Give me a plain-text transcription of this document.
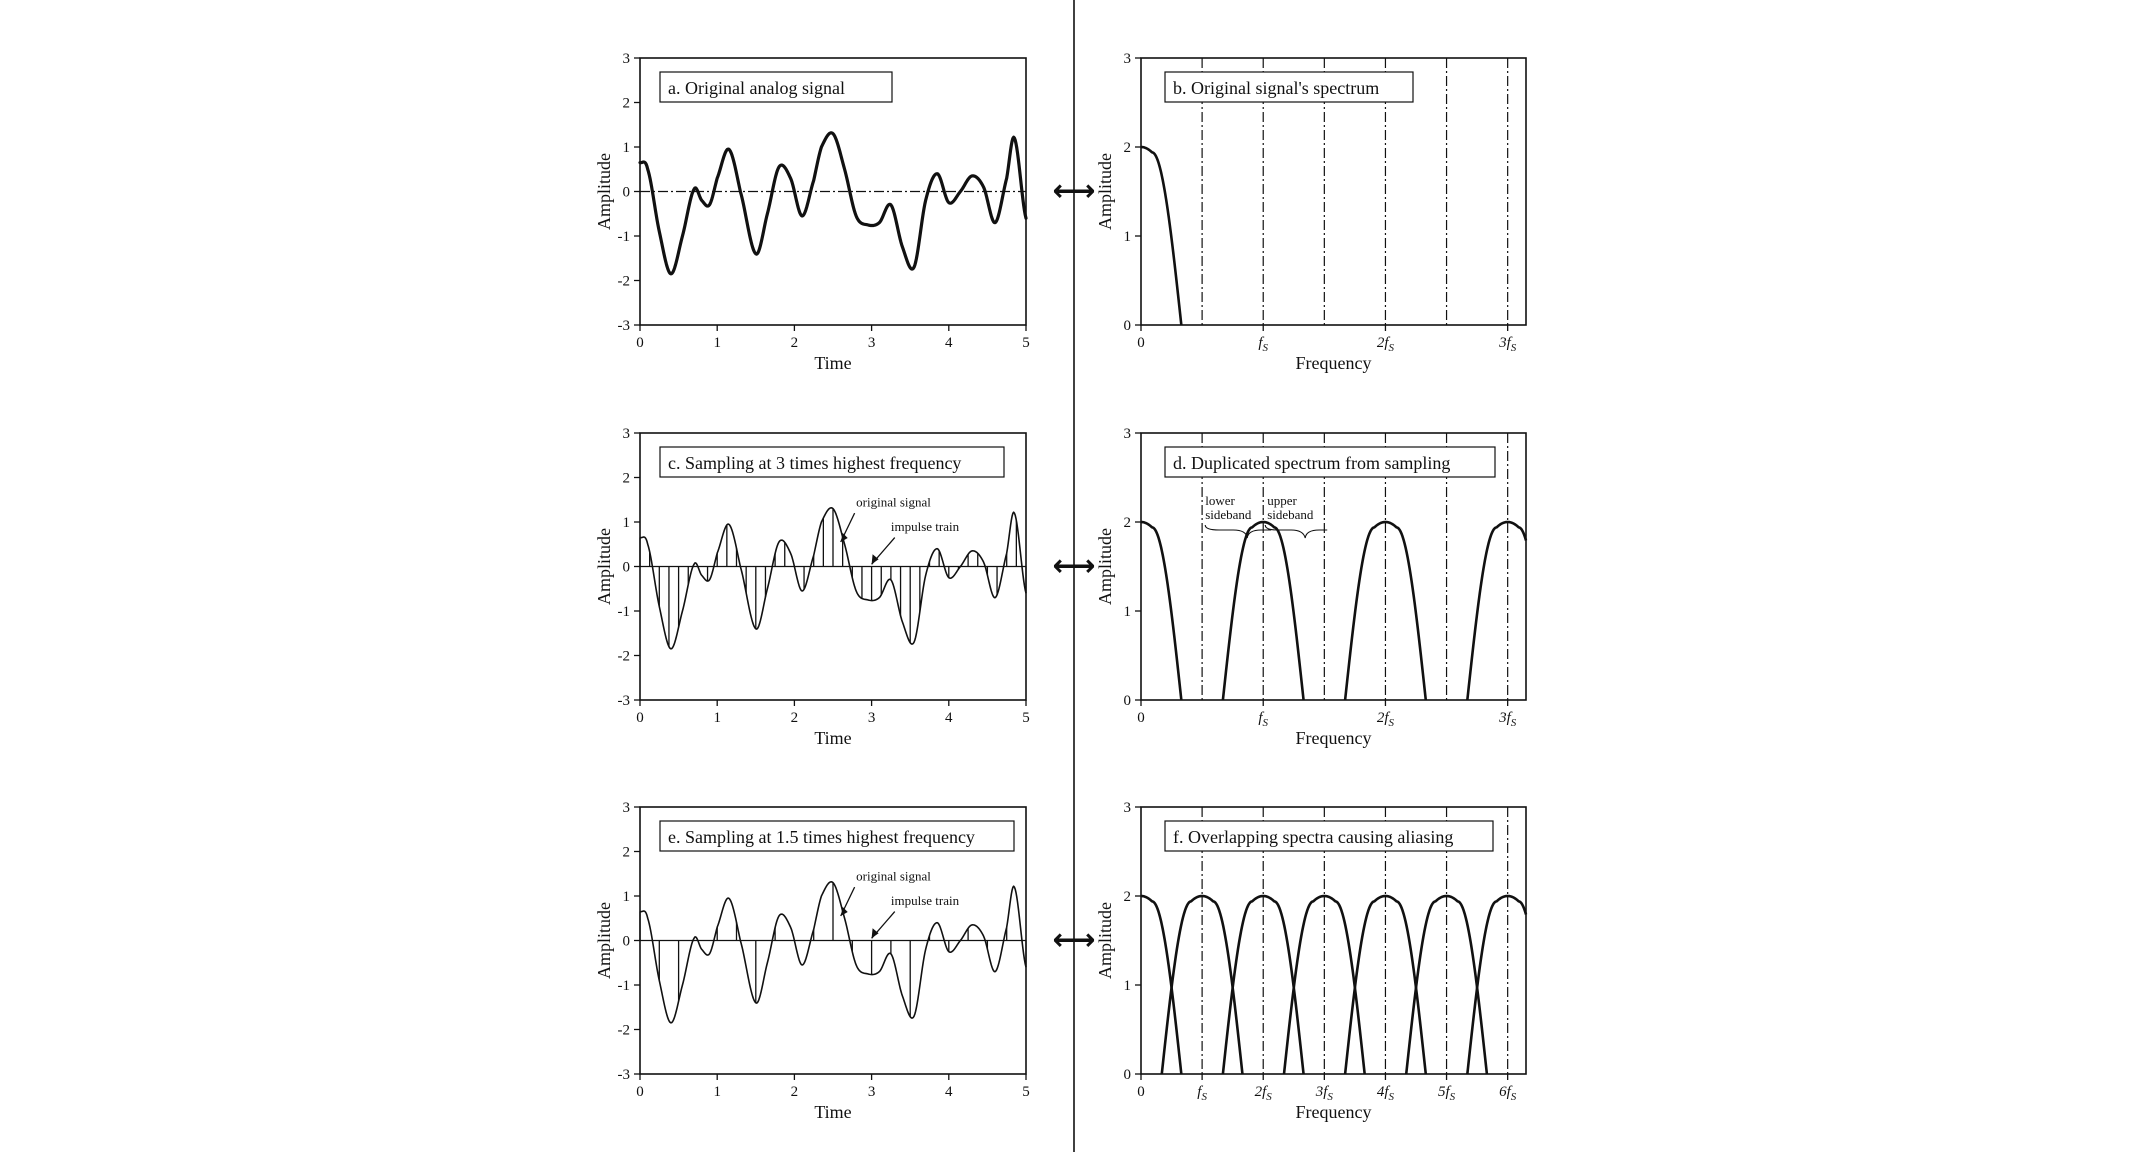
⟷
⟷
⟷
-3
-2
-1
0
1
2
3
0	1	2	3	4	5
Time
Amplitude
a. Original analog signal
0
1
2
3
0	$f_S$	$2f_S$	$3f_S$
Frequency
Amplitude
b. Original signal's spectrum
-3
-2
-1
0
1
2
3
0	1	2	3	4	5
Time
Amplitude
c. Sampling at 3 times highest frequency
original signal
impulse train
0
1
2
3
0	$f_S$	$2f_S$	$3f_S$
Frequency
Amplitude
d. Duplicated spectrum from sampling
lower
sideband
upper
sideband
-3
-2
-1
0
1
2
3
0	1	2	3	4	5
Time
Amplitude
e. Sampling at 1.5 times highest frequency
original signal
impulse train
0
1
2
3
0	$f_S$	$2f_S$	$3f_S$	$4f_S$	$5f_S$	$6f_S$
Frequency
Amplitude
f. Overlapping spectra causing aliasing
